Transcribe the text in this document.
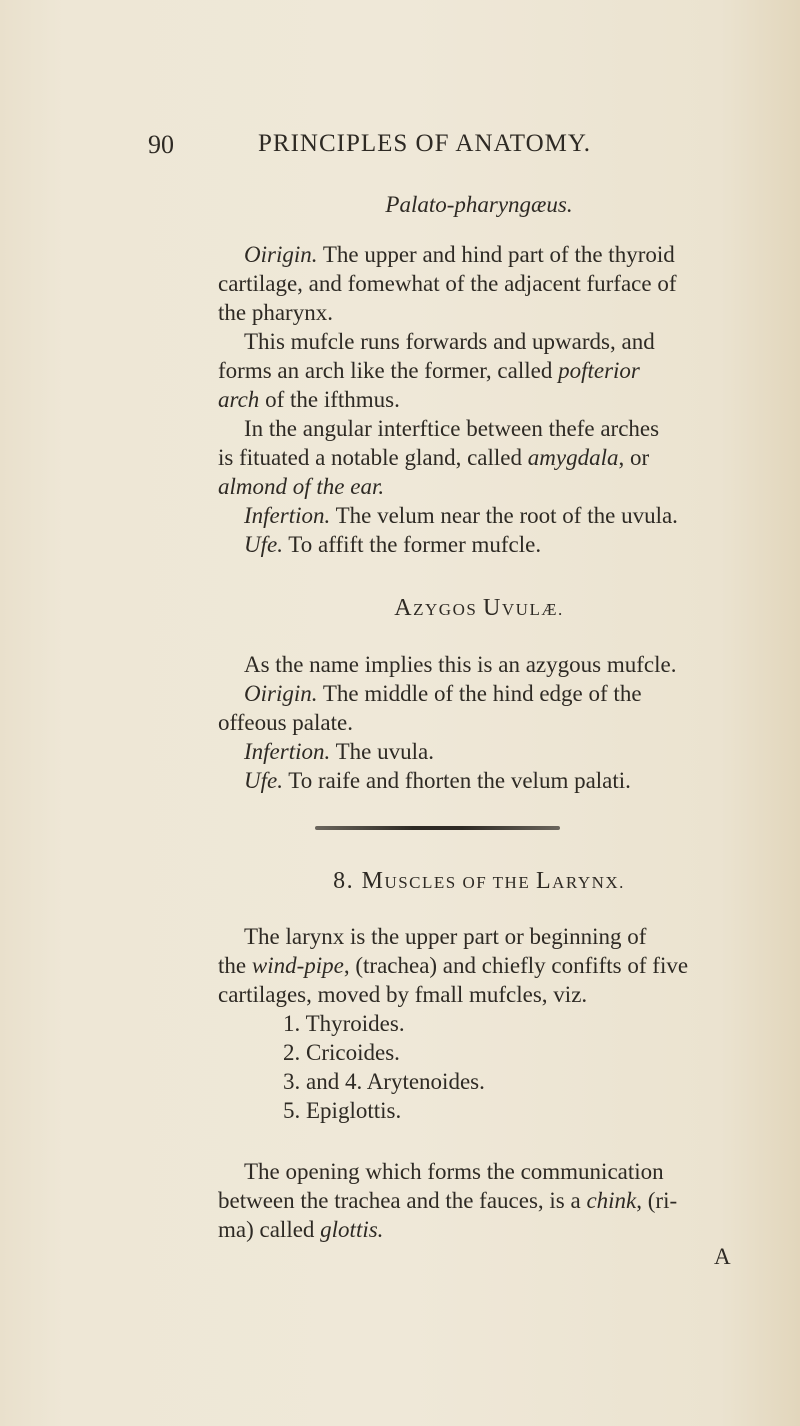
90	PRINCIPLES OF ANATOMY.

Palato-pharyngæus.

Oirigin. The upper and hind part of the thyroid

cartilage, and fomewhat of the adjacent furface of

the pharynx.

This mufcle runs forwards and upwards, and

forms an arch like the former, called pofterior

arch of the ifthmus.

In the angular interftice between thefe arches

is fituated a notable gland, called amygdala, or

almond of the ear.

Infertion. The velum near the root of the uvula.

Ufe. To affift the former mufcle.

AZYGOS UVULÆ.

As the name implies this is an azygous mufcle.

Oirigin. The middle of the hind edge of the

offeous palate.

Infertion. The uvula.

Ufe. To raife and fhorten the velum palati.

8. MUSCLES OF THE LARYNX.

The larynx is the upper part or beginning of

the wind-pipe, (trachea) and chiefly confifts of five

cartilages, moved by fmall mufcles, viz.

1. Thyroides.
2. Cricoides.
3. and 4. Arytenoides.
5. Epiglottis.

The opening which forms the communication

between the trachea and the fauces, is a chink, (ri-

ma) called glottis.

A
